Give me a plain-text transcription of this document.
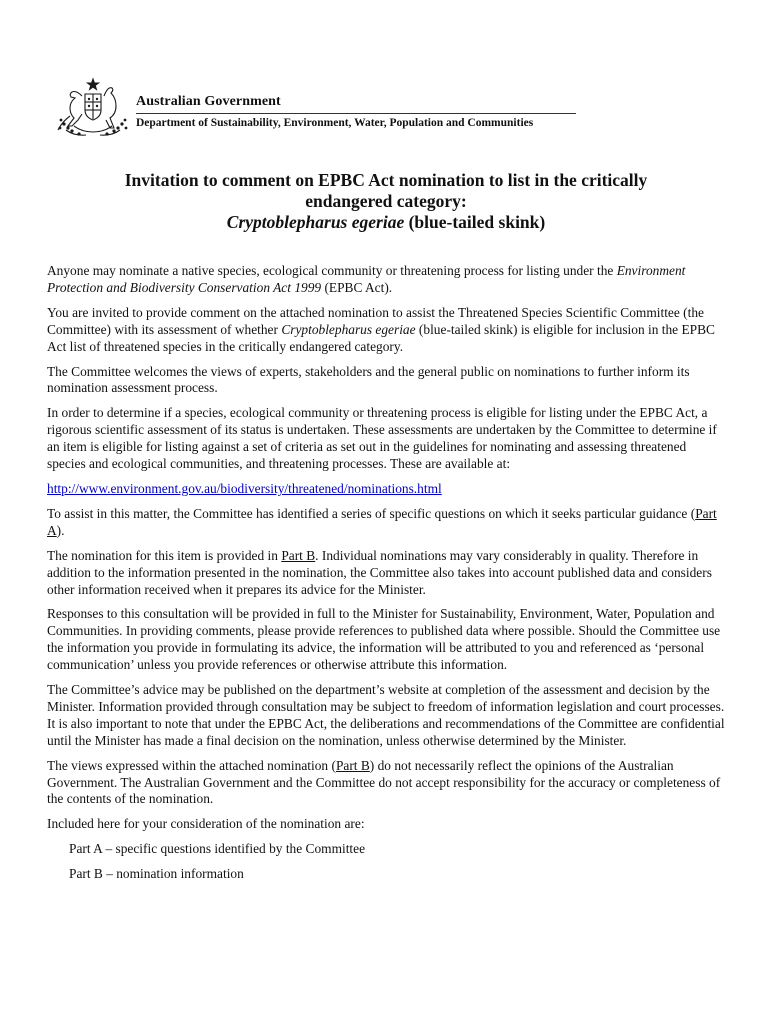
Australian Government
Department of Sustainability, Environment, Water, Population and Communities
Invitation to comment on EPBC Act nomination to list in the critically
endangered category:
Cryptoblepharus egeriae (blue-tailed skink)

Anyone may nominate a native species, ecological community or threatening process for listing under the Environment Protection and Biodiversity Conservation Act 1999 (EPBC Act).

You are invited to provide comment on the attached nomination to assist the Threatened Species Scientific Committee (the Committee) with its assessment of whether Cryptoblepharus egeriae (blue-tailed skink) is eligible for inclusion in the EPBC Act list of threatened species in the critically endangered category.

The Committee welcomes the views of experts, stakeholders and the general public on nominations to further inform its nomination assessment process.

In order to determine if a species, ecological community or threatening process is eligible for listing under the EPBC Act, a rigorous scientific assessment of its status is undertaken. These assessments are undertaken by the Committee to determine if an item is eligible for listing against a set of criteria as set out in the guidelines for nominating and assessing threatened species and ecological communities, and threatening processes. These are available at:

http://www.environment.gov.au/biodiversity/threatened/nominations.html

To assist in this matter, the Committee has identified a series of specific questions on which it seeks particular guidance (Part A).

The nomination for this item is provided in Part B. Individual nominations may vary considerably in quality. Therefore in addition to the information presented in the nomination, the Committee also takes into account published data and considers other information received when it prepares its advice for the Minister.

Responses to this consultation will be provided in full to the Minister for Sustainability, Environment, Water, Population and Communities. In providing comments, please provide references to published data where possible. Should the Committee use the information you provide in formulating its advice, the information will be attributed to you and referenced as ‘personal communication’ unless you provide references or otherwise attribute this information.

The Committee’s advice may be published on the department’s website at completion of the assessment and decision by the Minister. Information provided through consultation may be subject to freedom of information legislation and court processes. It is also important to note that under the EPBC Act, the deliberations and recommendations of the Committee are confidential until the Minister has made a final decision on the nomination, unless otherwise determined by the Minister.

The views expressed within the attached nomination (Part B) do not necessarily reflect the opinions of the Australian Government. The Australian Government and the Committee do not accept responsibility for the accuracy or completeness of the contents of the nomination.

Included here for your consideration of the nomination are:

Part A – specific questions identified by the Committee

Part B – nomination information
